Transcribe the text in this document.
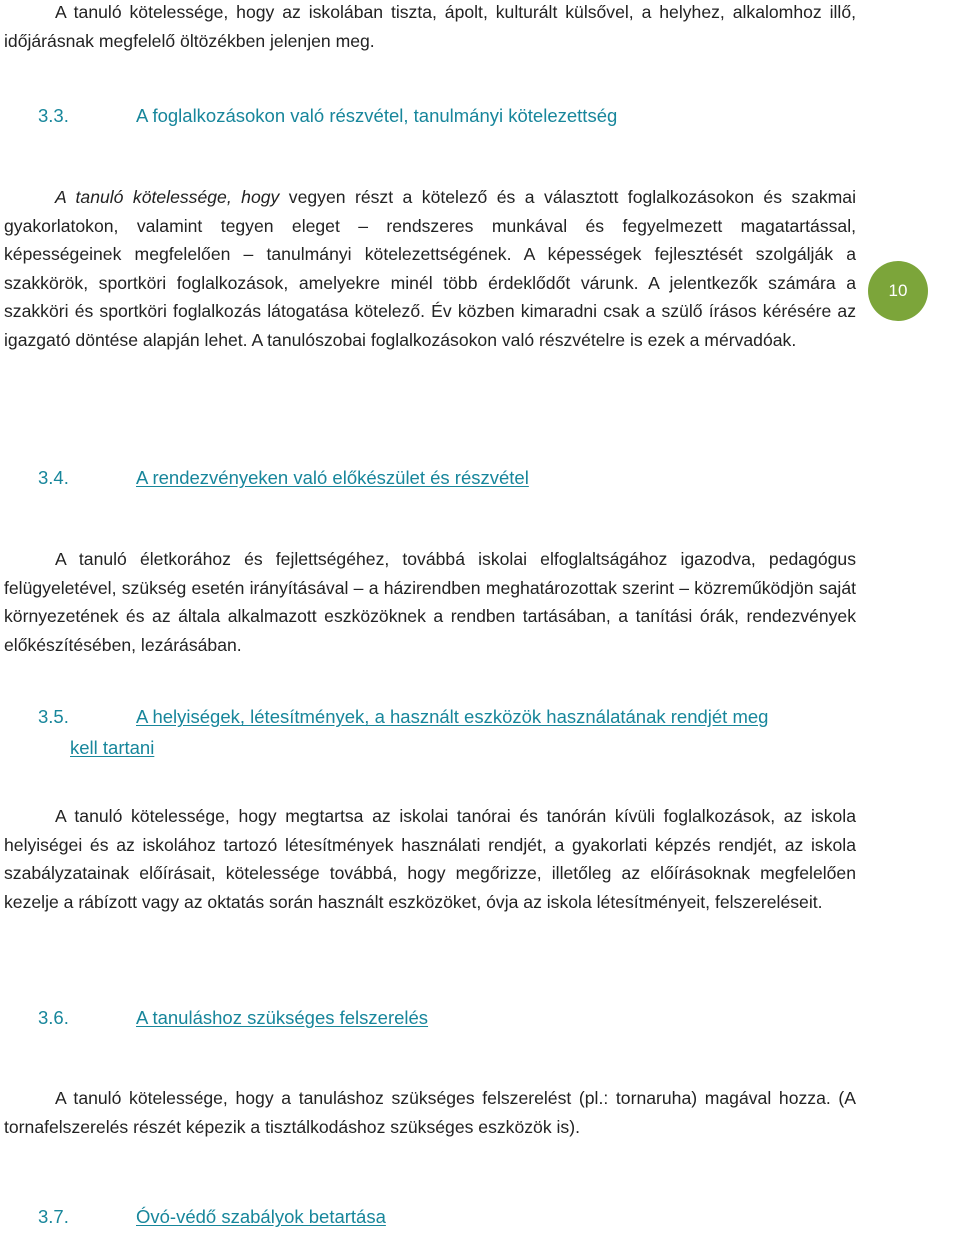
A tanuló kötelessége, hogy az iskolában tiszta, ápolt, kulturált külsővel, a helyhez, alkalomhoz illő, időjárásnak megfelelő öltözékben jelenjen meg.

3.3.	A foglalkozásokon való részvétel, tanulmányi kötelezettség

A tanuló kötelessége, hogy vegyen részt a kötelező és a választott foglalkozásokon és szakmai gyakorlatokon, valamint tegyen eleget – rendszeres munkával és fegyelmezett magatartással, képességeinek megfelelően – tanulmányi kötelezettségének. A képességek fejlesztését szolgálják a szakkörök, sportköri foglalkozások, amelyekre minél több érdeklődőt várunk. A jelentkezők számára a szakköri és sportköri foglalkozás látogatása kötelező. Év közben kimaradni csak a szülő írásos kérésére az igazgató döntése alapján lehet. A tanulószobai foglalkozásokon való részvételre is ezek a mérvadóak.

10
3.4.	A rendezvényeken való előkészület és részvétel

A tanuló életkorához és fejlettségéhez, továbbá iskolai elfoglaltságához igazodva, pedagógus felügyeletével, szükség esetén irányításával – a házirendben meghatározottak szerint – közreműködjön saját környezetének és az általa alkalmazott eszközöknek a rendben tartásában, a tanítási órák, rendezvények előkészítésében, lezárásában.

3.5.	A helyiségek, létesítmények, a használt eszközök használatának rendjét meg
kell tartani

A tanuló kötelessége, hogy megtartsa az iskolai tanórai és tanórán kívüli foglalkozások, az iskola helyiségei és az iskolához tartozó létesítmények használati rendjét, a gyakorlati képzés rendjét, az iskola szabályzatainak előírásait, kötelessége továbbá, hogy megőrizze, illetőleg az előírásoknak megfelelően kezelje a rábízott vagy az oktatás során használt eszközöket, óvja az iskola létesítményeit, felszereléseit.

3.6.	A tanuláshoz szükséges felszerelés

A tanuló kötelessége, hogy a tanuláshoz szükséges felszerelést (pl.: tornaruha) magával hozza. (A tornafelszerelés részét képezik a tisztálkodáshoz szükséges eszközök is).

3.7.	Óvó-védő szabályok betartása
